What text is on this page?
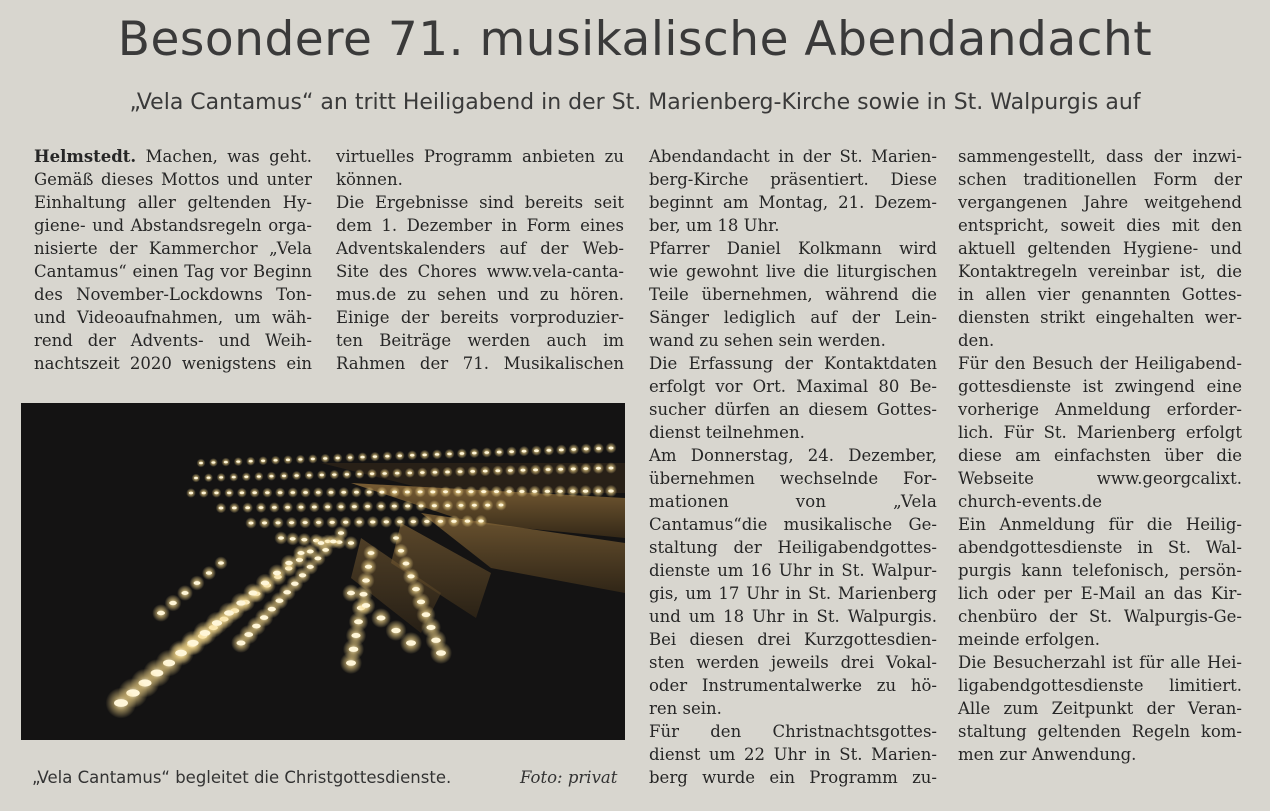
Besondere 71. musikalische Abendandacht
„Vela Cantamus“ an tritt Heiligabend in der St. Marienberg-Kirche sowie in St. Walpurgis auf
Helmstedt. Machen, was geht.
Gemäß dieses Mottos und unter
Einhaltung aller geltenden Hy-
giene- und Abstandsregeln orga-
nisierte der Kammerchor „Vela
Cantamus“ einen Tag vor Beginn
des November-Lockdowns Ton-
und Videoaufnahmen, um wäh-
rend der Advents- und Weih-
nachtszeit 2020 wenigstens ein
virtuelles Programm anbieten zu
können.
Die Ergebnisse sind bereits seit
dem 1. Dezember in Form eines
Adventskalenders auf der Web-
Site des Chores www.vela-canta-
mus.de zu sehen und zu hören.
Einige der bereits vorproduzier-
ten Beiträge werden auch im
Rahmen der 71. Musikalischen
Abendandacht in der St. Marien-
berg-Kirche präsentiert. Diese
beginnt am Montag, 21. Dezem-
ber, um 18 Uhr.
Pfarrer Daniel Kolkmann wird
wie gewohnt live die liturgischen
Teile übernehmen, während die
Sänger lediglich auf der Lein-
wand zu sehen sein werden.
Die Erfassung der Kontaktdaten
erfolgt vor Ort. Maximal 80 Be-
sucher dürfen an diesem Gottes-
dienst teilnehmen.
Am Donnerstag, 24. Dezember,
übernehmen wechselnde For-
mationen von „Vela
Cantamus“die musikalische Ge-
staltung der Heiligabendgottes-
dienste um 16 Uhr in St. Walpur-
gis, um 17 Uhr in St. Marienberg
und um 18 Uhr in St. Walpurgis.
Bei diesen drei Kurzgottesdien-
sten werden jeweils drei Vokal-
oder Instrumentalwerke zu hö-
ren sein.
Für den Christnachtsgottes-
dienst um 22 Uhr in St. Marien-
berg wurde ein Programm zu-
sammengestellt, dass der inzwi-
schen traditionellen Form der
vergangenen Jahre weitgehend
entspricht, soweit dies mit den
aktuell geltenden Hygiene- und
Kontaktregeln vereinbar ist, die
in allen vier genannten Gottes-
diensten strikt eingehalten wer-
den.
Für den Besuch der Heiligabend-
gottesdienste ist zwingend eine
vorherige Anmeldung erforder-
lich. Für St. Marienberg erfolgt
diese am einfachsten über die
Webseite www.georgcalixt.
church-events.de
Ein Anmeldung für die Heilig-
abendgottesdienste in St. Wal-
purgis kann telefonisch, persön-
lich oder per E-Mail an das Kir-
chenbüro der St. Walpurgis-Ge-
meinde erfolgen.
Die Besucherzahl ist für alle Hei-
ligabendgottesdienste limitiert.
Alle zum Zeitpunkt der Veran-
staltung geltenden Regeln kom-
men zur Anwendung.
„Vela Cantamus“ begleitet die Christgottesdienste.	Foto: privat
